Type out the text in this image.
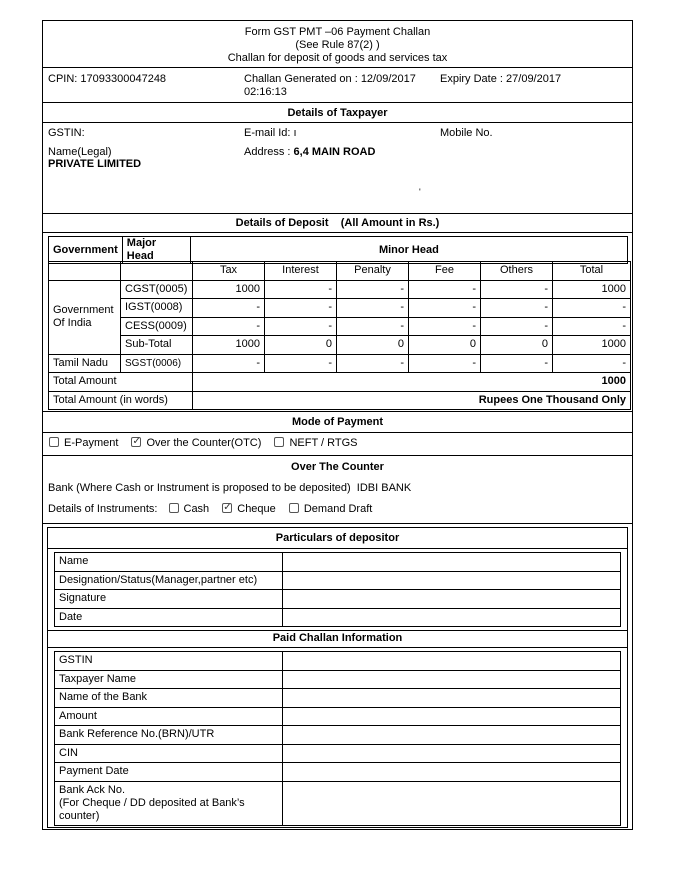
Form GST PMT –06 Payment Challan
(See Rule 87(2) )
Challan for deposit of goods and services tax
CPIN: 17093300047248	Challan Generated on : 12/09/2017
02:16:13
Expiry Date : 27/09/2017
Details of Taxpayer
GSTIN:	E-mail Id: ı	Mobile No.
Name(Legal)
PRIVATE LIMITED
Address : 6,4 MAIN ROAD
'
Details of Deposit (All Amount in Rs.)
Government	Major Head	Minor Head
		Tax	Interest	Penalty	Fee	Others	Total
Government Of India	CGST(0005)	1000	-	-	-	-	1000
	IGST(0008)	-	-	-	-	-	-
	CESS(0009)	-	-	-	-	-	-
	Sub-Total	1000	0	0	0	0	1000
Tamil Nadu	SGST(0006)	-	-	-	-	-	-
Total Amount		1000					
Total Amount (in words)		Rupees One Thousand Only					
Mode of Payment
E-Payment ✓	Over the Counter(OTC)	NEFT / RTGS
Over The Counter
Bank (Where Cash or Instrument is proposed to be deposited) IDBI BANK
Details of Instruments: Cash ✓	Cheque	Demand Draft
Particulars of depositor
Name	
Designation/Status(Manager,partner etc)	
Signature	
Date	
Paid Challan Information
GSTIN	
Taxpayer Name	
Name of the Bank	
Amount	
Bank Reference No.(BRN)/UTR	
CIN	
Payment Date	

Bank Ack No.
(For Cheque / DD deposited at Bank’s
counter)	
